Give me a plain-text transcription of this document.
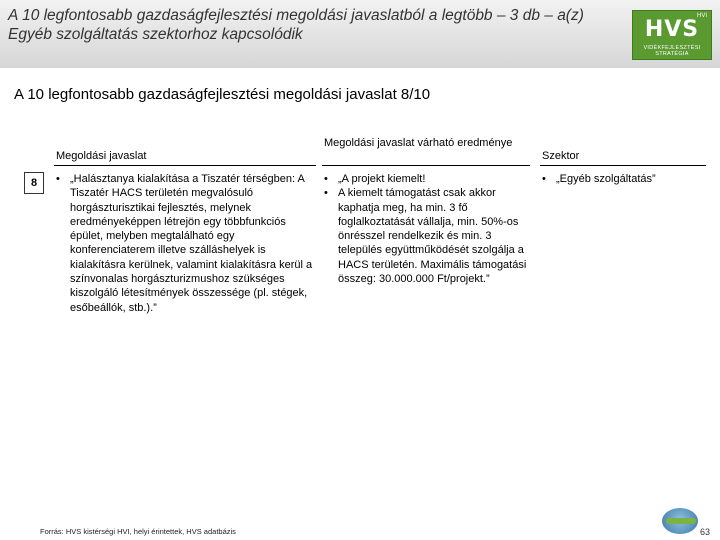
A 10 legfontosabb gazdaságfejlesztési megoldási javaslatból a legtöbb – 3 db – a(z) Egyéb szolgáltatás szektorhoz kapcsolódik
HVI
HVS
VIDÉKFEJLESZTÉSI STRATÉGIA
A 10 legfontosabb gazdaságfejlesztési megoldási javaslat 8/10
Megoldási javaslat
Megoldási javaslat várható eredménye
Szektor
8	• „Halásztanya kialakítása a Tiszatér térségben: A Tiszatér HACS területén megvalósuló horgászturisztikai fejlesztés, melynek eredményeképpen létrejön egy többfunkciós épület, melyben megtalálható egy konferenciaterem illetve szálláshelyek is kialakításra kerülnek, valamint kialakításra kerül a színvonalas horgászturizmushoz szükséges kiszolgáló létesítmények összessége (pl. stégek, esőbeállók, stb.).”
• „A projekt kiemelt!
• A kiemelt támogatást csak akkor kaphatja meg, ha min. 3 fő foglalkoztatását vállalja, min. 50%-os önrésszel rendelkezik és min. 3 település együttműködését szolgálja a HACS területén. Maximális támogatási összeg: 30.000.000 Ft/projekt.”
• „Egyéb szolgáltatás”
Forrás: HVS kistérségi HVI, helyi érintettek, HVS adatbázis	63
